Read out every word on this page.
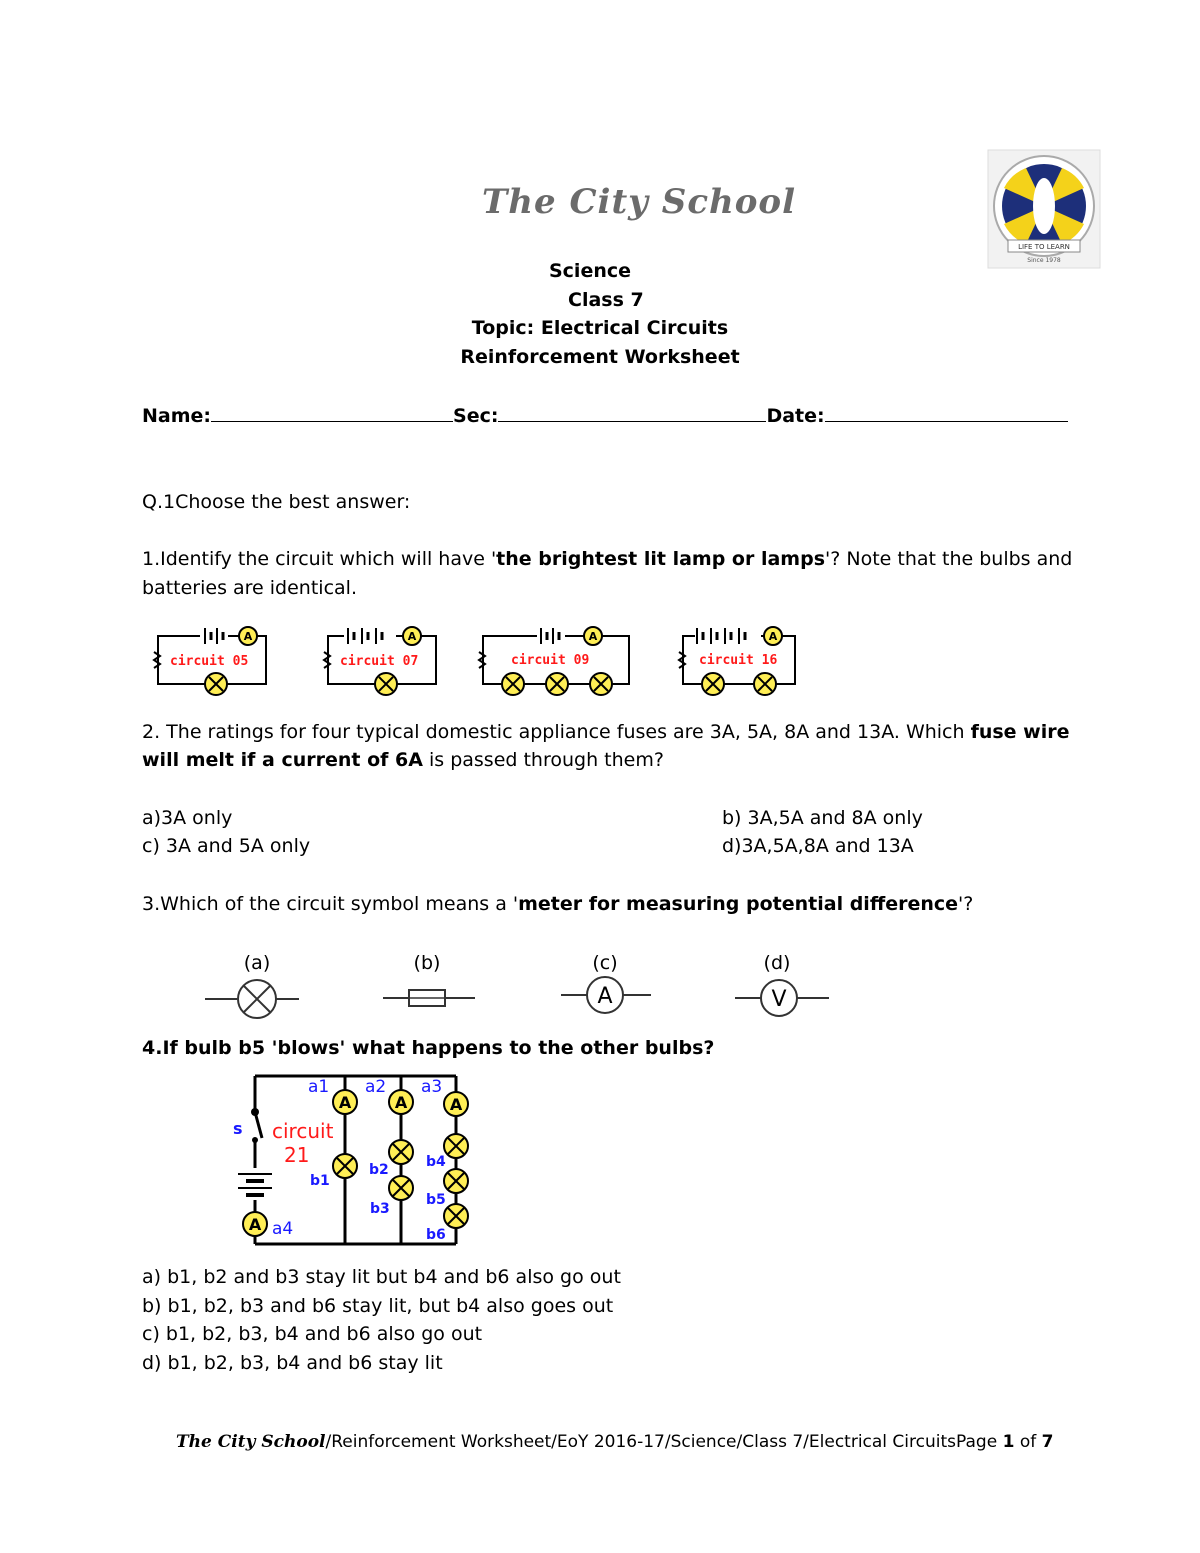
The City School
LIFE TO LEARN
Since 1978
Science
Class 7
Topic: Electrical Circuits
Reinforcement Worksheet
Name:	Sec:	Date:
Q.1Choose the best answer:
1.Identify the circuit which will have 'the brightest lit lamp or lamps'? Note that the bulbs and
batteries are identical.
A
circuit 05	circuit 07	circuit 09	circuit 16
2. The ratings for four typical domestic appliance fuses are 3A, 5A, 8A and 13A. Which fuse wire
will melt if a current of 6A is passed through them?
a)3A only	b) 3A,5A and 8A only
c) 3A and 5A only	d)3A,5A,8A and 13A
3.Which of the circuit symbol means a 'meter for measuring potential difference'?
(a)	(b)	(c)
A
(d)
V
4.If bulb b5 'blows' what happens to the other bulbs?
A
circuit
21
s
a1 a2 a3
a4
b1
b2
b3
b4
b5
b6
a) b1, b2 and b3 stay lit but b4 and b6 also go out
b) b1, b2, b3 and b6 stay lit, but b4 also goes out
c) b1, b2, b3, b4 and b6 also go out
d) b1, b2, b3, b4 and b6 stay lit
The City School/Reinforcement Worksheet/EoY 2016-17/Science/Class 7/Electrical CircuitsPage 1 of 7
